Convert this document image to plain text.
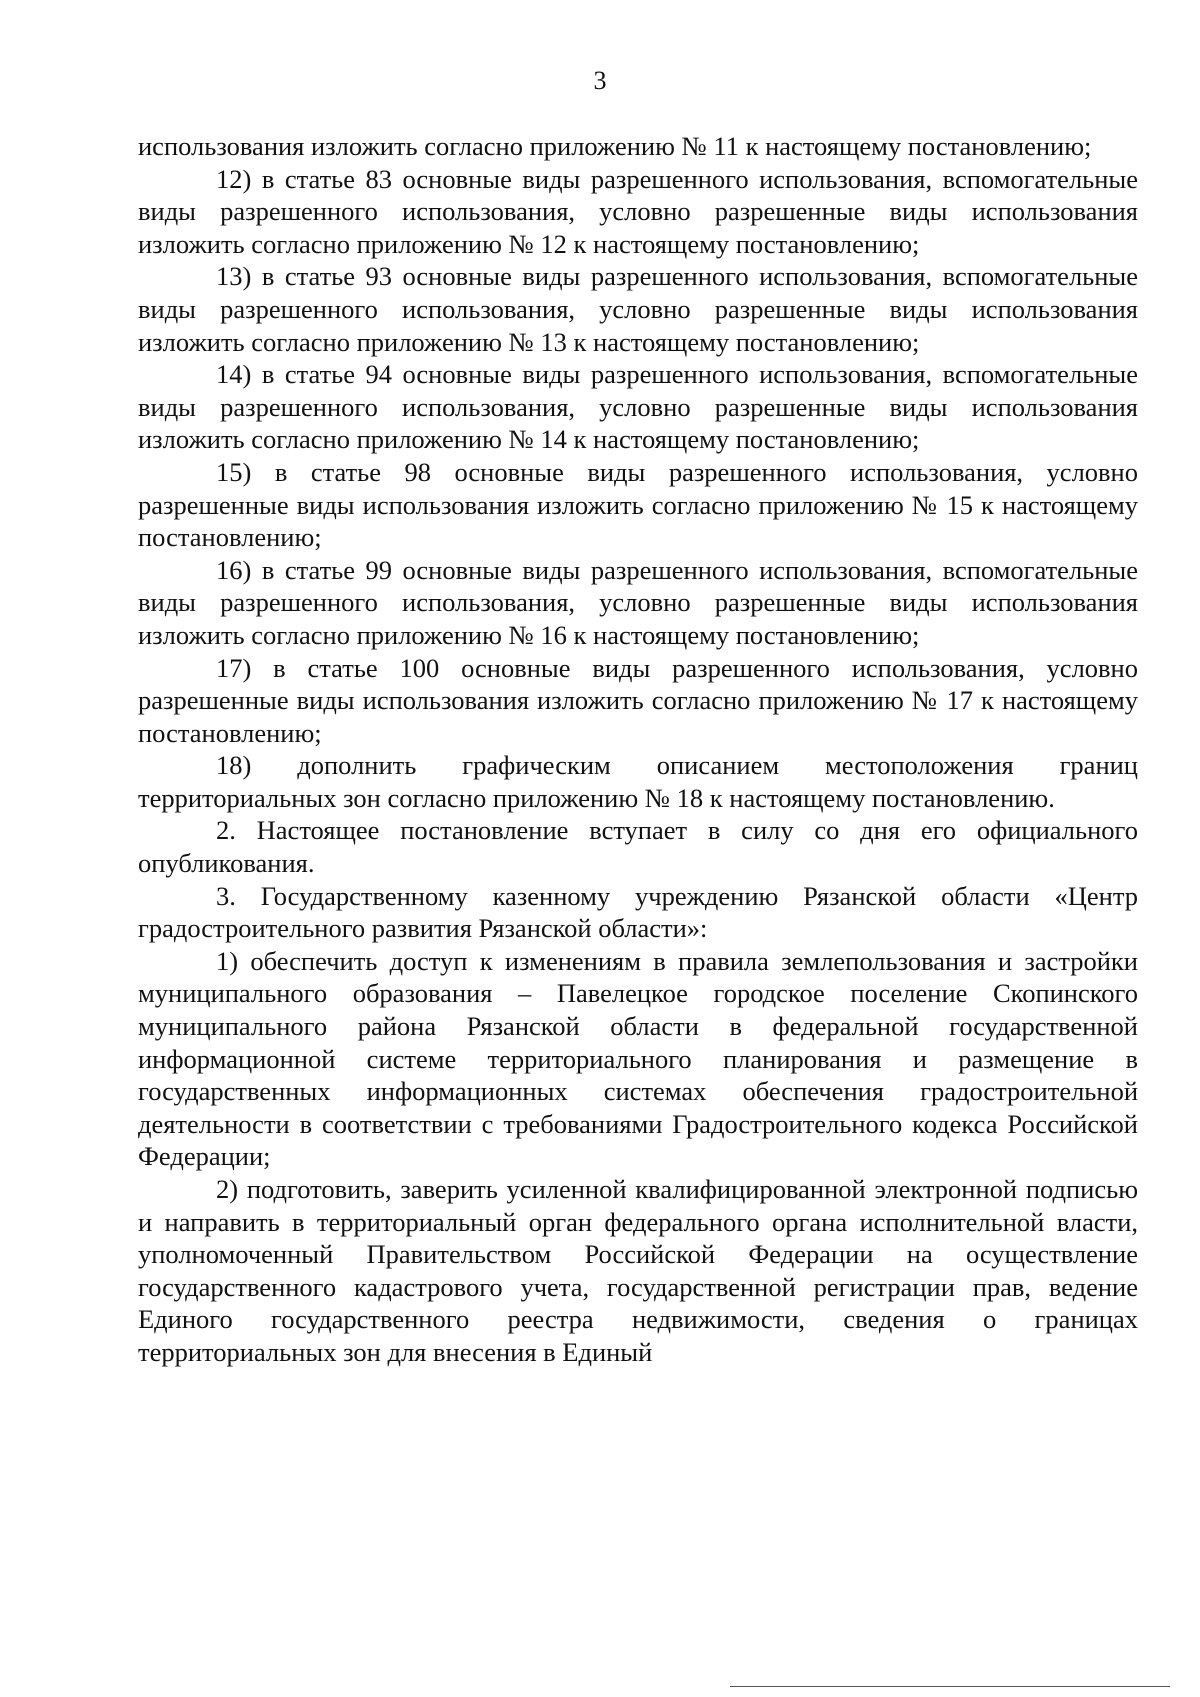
3

использования изложить согласно приложению № 11 к настоящему постановлению;

12) в статье 83 основные виды разрешенного использования, вспомогательные виды разрешенного использования, условно разрешенные виды использования изложить согласно приложению № 12 к настоящему постановлению;

13) в статье 93 основные виды разрешенного использования, вспомогательные виды разрешенного использования, условно разрешенные виды использования изложить согласно приложению № 13 к настоящему постановлению;

14) в статье 94 основные виды разрешенного использования, вспомогательные виды разрешенного использования, условно разрешенные виды использования изложить согласно приложению № 14 к настоящему постановлению;

15) в статье 98 основные виды разрешенного использования, условно разрешенные виды использования изложить согласно приложению № 15 к настоящему постановлению;

16) в статье 99 основные виды разрешенного использования, вспомогательные виды разрешенного использования, условно разрешенные виды использования изложить согласно приложению № 16 к настоящему постановлению;

17) в статье 100 основные виды разрешенного использования, условно разрешенные виды использования изложить согласно приложению № 17 к настоящему постановлению;

18) дополнить графическим описанием местоположения границ территориальных зон согласно приложению № 18 к настоящему постановлению.

2. Настоящее постановление вступает в силу со дня его официального опубликования.

3. Государственному казенному учреждению Рязанской области «Центр градостроительного развития Рязанской области»:

1) обеспечить доступ к изменениям в правила землепользования и застройки муниципального образования – Павелецкое городское поселение Скопинского муниципального района Рязанской области в федеральной государственной информационной системе территориального планирования и размещение в государственных информационных системах обеспечения градостроительной деятельности в соответствии с требованиями Градостроительного кодекса Российской Федерации;

2) подготовить, заверить усиленной квалифицированной электронной подписью и направить в территориальный орган федерального органа исполнительной власти, уполномоченный Правительством Российской Федерации на осуществление государственного кадастрового учета, государственной регистрации прав, ведение Единого государственного реестра недвижимости, сведения о границах территориальных зон для внесения в Единый
